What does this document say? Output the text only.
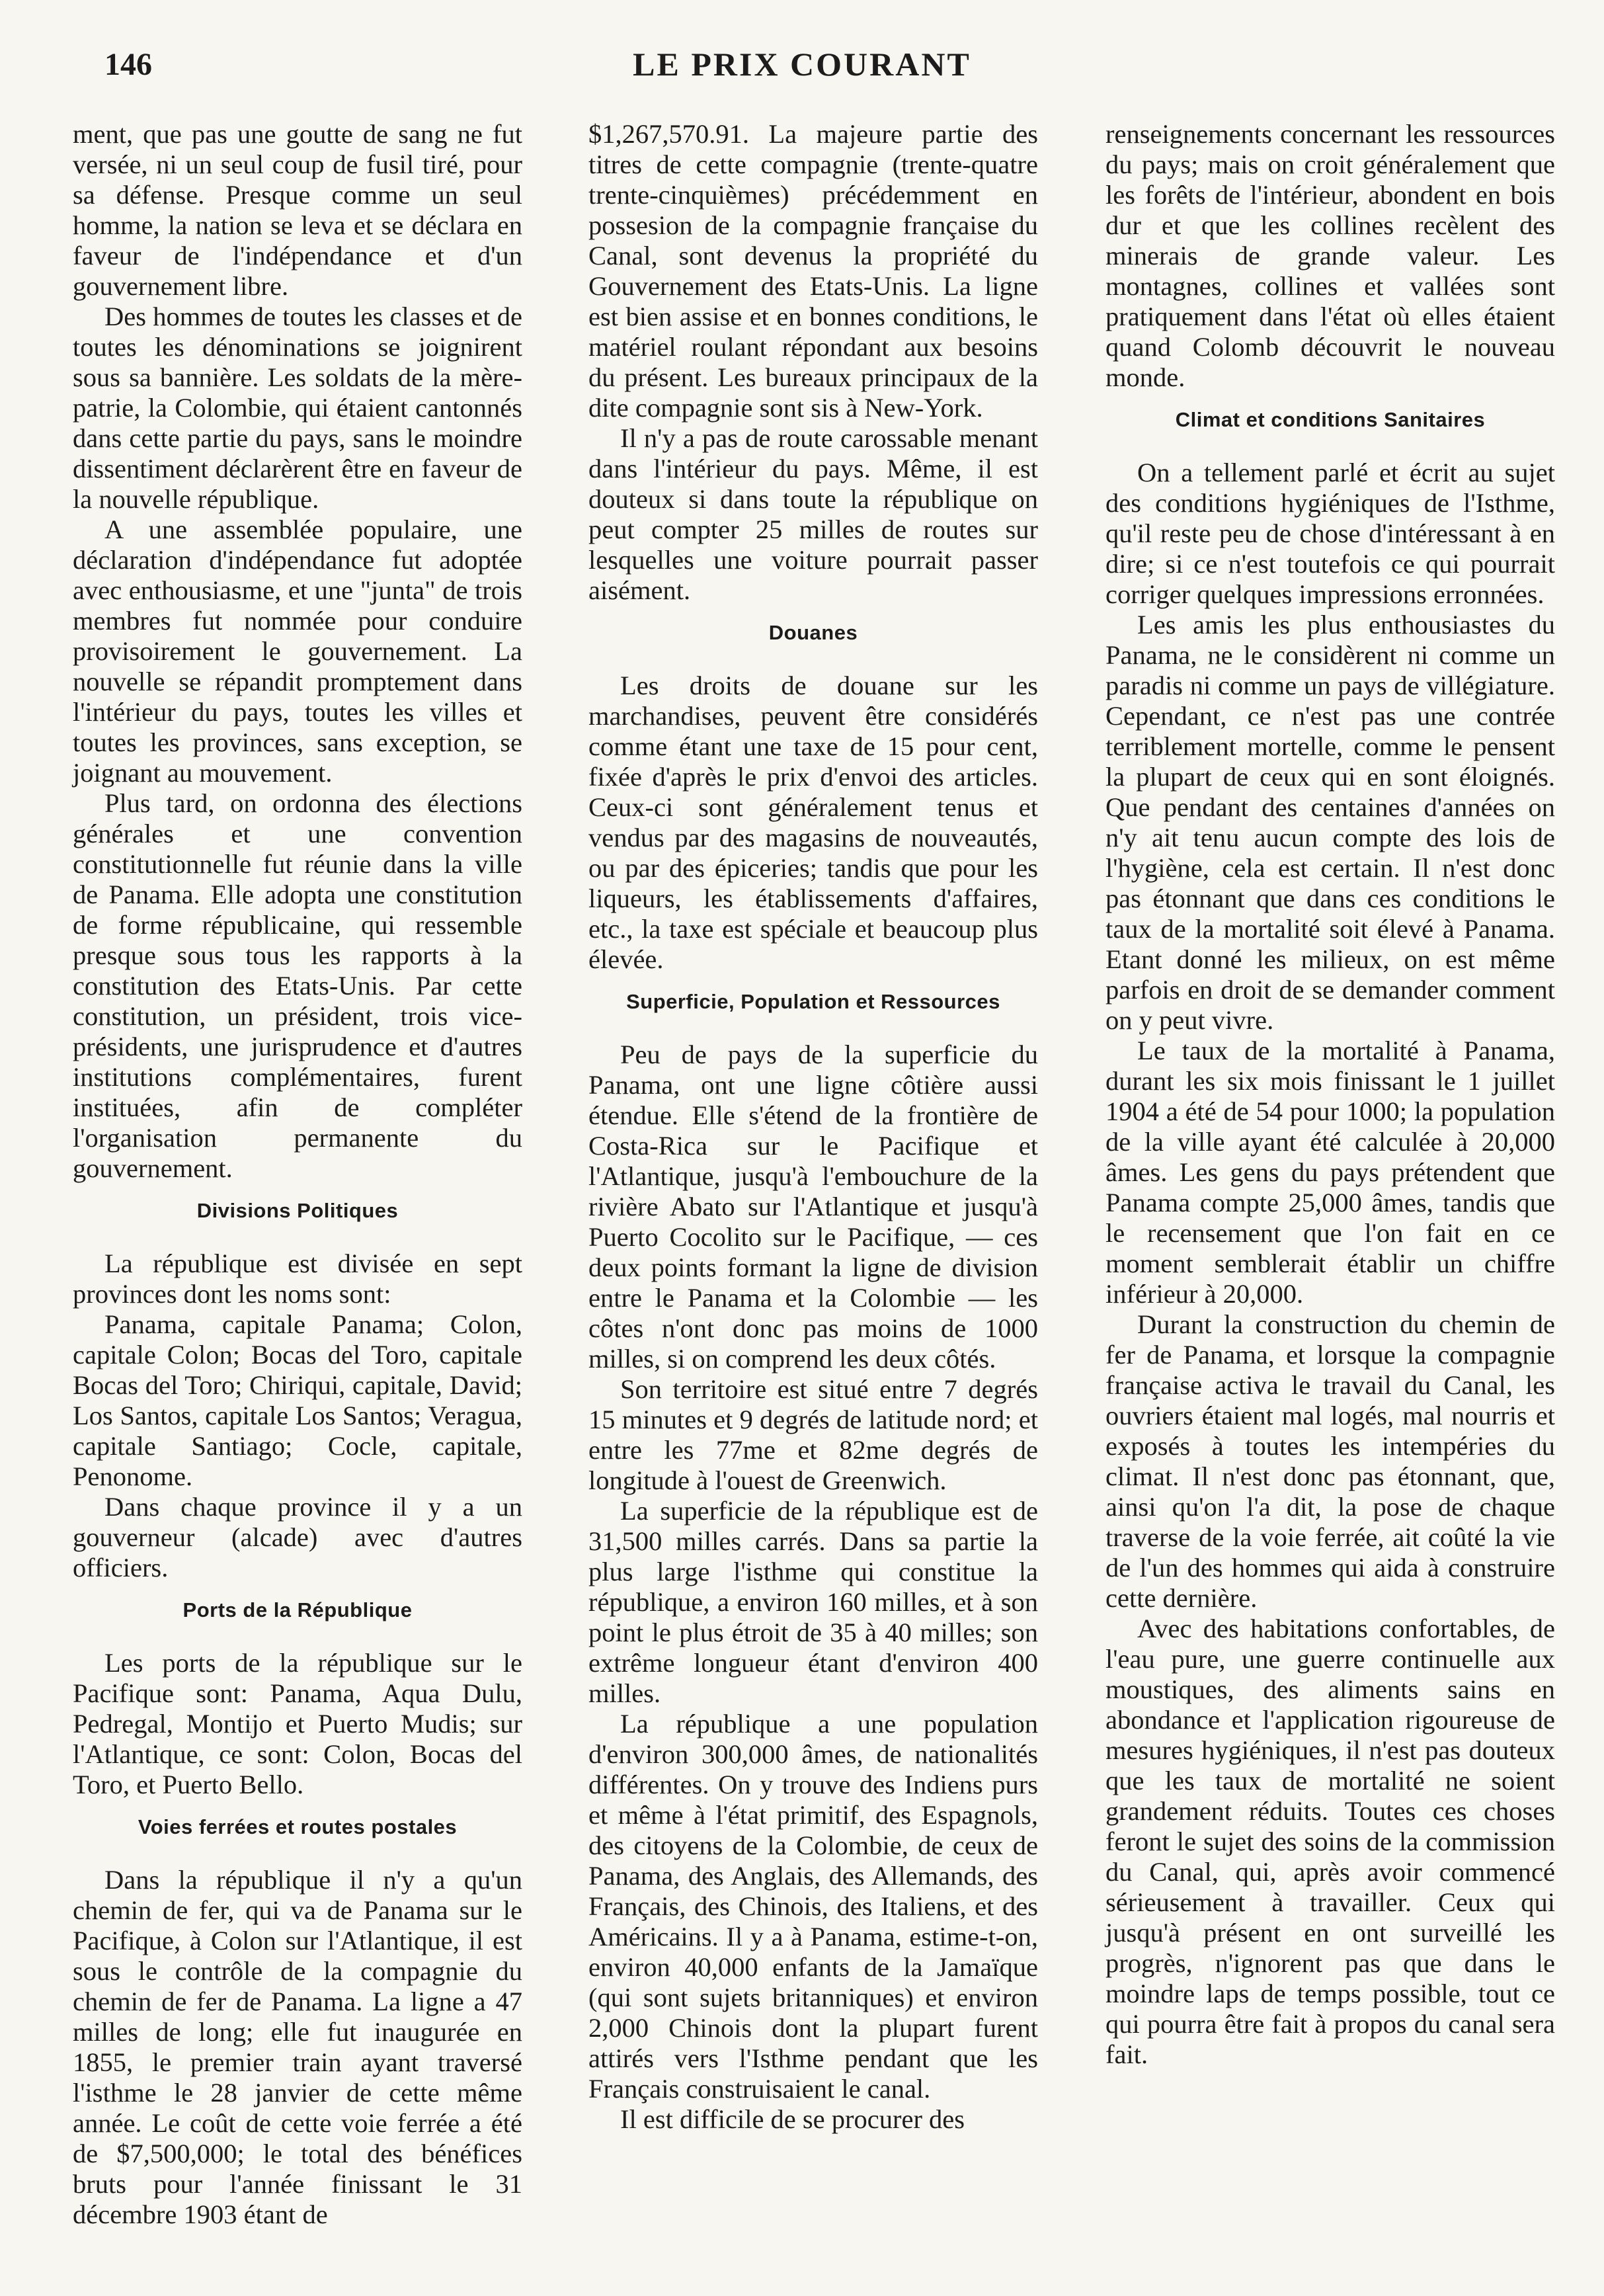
146	LE PRIX COURANT

ment, que pas une goutte de sang ne fut versée, ni un seul coup de fusil tiré, pour sa défense. Presque comme un seul homme, la nation se leva et se déclara en faveur de l'indépendance et d'un gouvernement libre.

Des hommes de toutes les classes et de toutes les dénominations se joignirent sous sa bannière. Les soldats de la mère-patrie, la Colombie, qui étaient cantonnés dans cette partie du pays, sans le moindre dissentiment déclarèrent être en faveur de la nouvelle république.

A une assemblée populaire, une déclaration d'indépendance fut adoptée avec enthousiasme, et une "junta" de trois membres fut nommée pour conduire provisoirement le gouvernement. La nouvelle se répandit promptement dans l'intérieur du pays, toutes les villes et toutes les provinces, sans exception, se joignant au mouvement.

Plus tard, on ordonna des élections générales et une convention constitutionnelle fut réunie dans la ville de Panama. Elle adopta une constitution de forme républicaine, qui ressemble presque sous tous les rapports à la constitution des Etats-Unis. Par cette constitution, un président, trois vice-présidents, une jurisprudence et d'autres institutions complémentaires, furent instituées, afin de compléter l'organisation permanente du gouvernement.

Divisions Politiques

La république est divisée en sept provinces dont les noms sont:

Panama, capitale Panama; Colon, capitale Colon; Bocas del Toro, capitale Bocas del Toro; Chiriqui, capitale, David; Los Santos, capitale Los Santos; Veragua, capitale Santiago; Cocle, capitale, Penonome.

Dans chaque province il y a un gouverneur (alcade) avec d'autres officiers.

Ports de la République

Les ports de la république sur le Pacifique sont: Panama, Aqua Dulu, Pedregal, Montijo et Puerto Mudis; sur l'Atlantique, ce sont: Colon, Bocas del Toro, et Puerto Bello.

Voies ferrées et routes postales

Dans la république il n'y a qu'un chemin de fer, qui va de Panama sur le Pacifique, à Colon sur l'Atlantique, il est sous le contrôle de la compagnie du chemin de fer de Panama. La ligne a 47 milles de long; elle fut inaugurée en 1855, le premier train ayant traversé l'isthme le 28 janvier de cette même année. Le coût de cette voie ferrée a été de $7,500,000; le total des bénéfices bruts pour l'année finissant le 31 décembre 1903 étant de

$1,267,570.91. La majeure partie des titres de cette compagnie (trente-quatre trente-cinquièmes) précédemment en possesion de la compagnie française du Canal, sont devenus la propriété du Gouvernement des Etats-Unis. La ligne est bien assise et en bonnes conditions, le matériel roulant répondant aux besoins du présent. Les bureaux principaux de la dite compagnie sont sis à New-York.

Il n'y a pas de route carossable menant dans l'intérieur du pays. Même, il est douteux si dans toute la république on peut compter 25 milles de routes sur lesquelles une voiture pourrait passer aisément.

Douanes

Les droits de douane sur les marchandises, peuvent être considérés comme étant une taxe de 15 pour cent, fixée d'après le prix d'envoi des articles. Ceux-ci sont généralement tenus et vendus par des magasins de nouveautés, ou par des épiceries; tandis que pour les liqueurs, les établissements d'affaires, etc., la taxe est spéciale et beaucoup plus élevée.

Superficie, Population et Ressources

Peu de pays de la superficie du Panama, ont une ligne côtière aussi étendue. Elle s'étend de la frontière de Costa-Rica sur le Pacifique et l'Atlantique, jusqu'à l'embouchure de la rivière Abato sur l'Atlantique et jusqu'à Puerto Cocolito sur le Pacifique, — ces deux points formant la ligne de division entre le Panama et la Colombie — les côtes n'ont donc pas moins de 1000 milles, si on comprend les deux côtés.

Son territoire est situé entre 7 degrés 15 minutes et 9 degrés de latitude nord; et entre les 77me et 82me degrés de longitude à l'ouest de Greenwich.

La superficie de la république est de 31,500 milles carrés. Dans sa partie la plus large l'isthme qui constitue la république, a environ 160 milles, et à son point le plus étroit de 35 à 40 milles; son extrême longueur étant d'environ 400 milles.

La république a une population d'environ 300,000 âmes, de nationalités différentes. On y trouve des Indiens purs et même à l'état primitif, des Espagnols, des citoyens de la Colombie, de ceux de Panama, des Anglais, des Allemands, des Français, des Chinois, des Italiens, et des Américains. Il y a à Panama, estime-t-on, environ 40,000 enfants de la Jamaïque (qui sont sujets britanniques) et environ 2,000 Chinois dont la plupart furent attirés vers l'Isthme pendant que les Français construisaient le canal.

Il est difficile de se procurer des

renseignements concernant les ressources du pays; mais on croit généralement que les forêts de l'intérieur, abondent en bois dur et que les collines recèlent des minerais de grande valeur. Les montagnes, collines et vallées sont pratiquement dans l'état où elles étaient quand Colomb découvrit le nouveau monde.

Climat et conditions Sanitaires

On a tellement parlé et écrit au sujet des conditions hygiéniques de l'Isthme, qu'il reste peu de chose d'intéressant à en dire; si ce n'est toutefois ce qui pourrait corriger quelques impressions erronnées.

Les amis les plus enthousiastes du Panama, ne le considèrent ni comme un paradis ni comme un pays de villégiature. Cependant, ce n'est pas une contrée terriblement mortelle, comme le pensent la plupart de ceux qui en sont éloignés. Que pendant des centaines d'années on n'y ait tenu aucun compte des lois de l'hygiène, cela est certain. Il n'est donc pas étonnant que dans ces conditions le taux de la mortalité soit élevé à Panama. Etant donné les milieux, on est même parfois en droit de se demander comment on y peut vivre.

Le taux de la mortalité à Panama, durant les six mois finissant le 1 juillet 1904 a été de 54 pour 1000; la population de la ville ayant été calculée à 20,000 âmes. Les gens du pays prétendent que Panama compte 25,000 âmes, tandis que le recensement que l'on fait en ce moment semblerait établir un chiffre inférieur à 20,000.

Durant la construction du chemin de fer de Panama, et lorsque la compagnie française activa le travail du Canal, les ouvriers étaient mal logés, mal nourris et exposés à toutes les intempéries du climat. Il n'est donc pas étonnant, que, ainsi qu'on l'a dit, la pose de chaque traverse de la voie ferrée, ait coûté la vie de l'un des hommes qui aida à construire cette dernière.

Avec des habitations confortables, de l'eau pure, une guerre continuelle aux moustiques, des aliments sains en abondance et l'application rigoureuse de mesures hygiéniques, il n'est pas douteux que les taux de mortalité ne soient grandement réduits. Toutes ces choses feront le sujet des soins de la commission du Canal, qui, après avoir commencé sérieusement à travailler. Ceux qui jusqu'à présent en ont surveillé les progrès, n'ignorent pas que dans le moindre laps de temps possible, tout ce qui pourra être fait à propos du canal sera fait.
